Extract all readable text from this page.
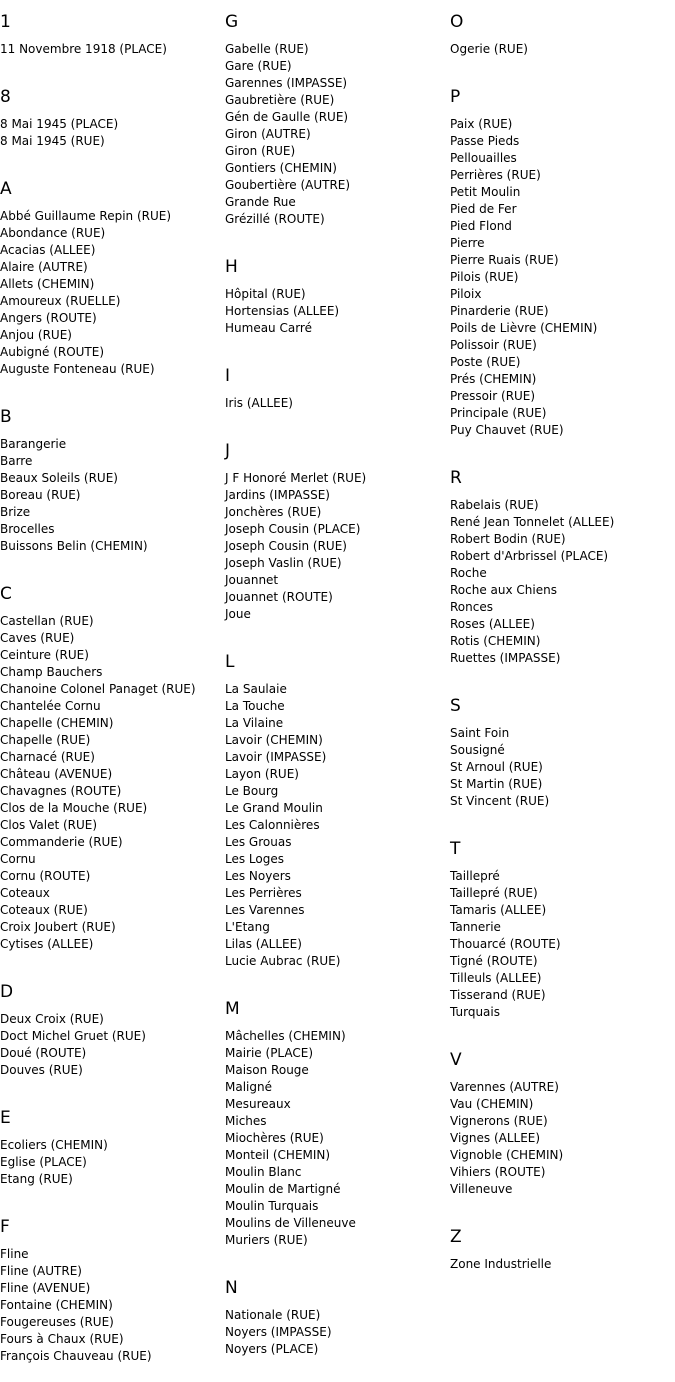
1
11 Novembre 1918 (PLACE)
8
8 Mai 1945 (PLACE)
8 Mai 1945 (RUE)
A
Abbé Guillaume Repin (RUE)
Abondance (RUE)
Acacias (ALLEE)
Alaire (AUTRE)
Allets (CHEMIN)
Amoureux (RUELLE)
Angers (ROUTE)
Anjou (RUE)
Aubigné (ROUTE)
Auguste Fonteneau (RUE)
B
Barangerie
Barre
Beaux Soleils (RUE)
Boreau (RUE)
Brize
Brocelles
Buissons Belin (CHEMIN)
C
Castellan (RUE)
Caves (RUE)
Ceinture (RUE)
Champ Bauchers
Chanoine Colonel Panaget (RUE)
Chantelée Cornu
Chapelle (CHEMIN)
Chapelle (RUE)
Charnacé (RUE)
Château (AVENUE)
Chavagnes (ROUTE)
Clos de la Mouche (RUE)
Clos Valet (RUE)
Commanderie (RUE)
Cornu
Cornu (ROUTE)
Coteaux
Coteaux (RUE)
Croix Joubert (RUE)
Cytises (ALLEE)
D
Deux Croix (RUE)
Doct Michel Gruet (RUE)
Doué (ROUTE)
Douves (RUE)
E
Ecoliers (CHEMIN)
Eglise (PLACE)
Etang (RUE)
F
Fline
Fline (AUTRE)
Fline (AVENUE)
Fontaine (CHEMIN)
Fougereuses (RUE)
Fours à Chaux (RUE)
François Chauveau (RUE)
G
Gabelle (RUE)
Gare (RUE)
Garennes (IMPASSE)
Gaubretière (RUE)
Gén de Gaulle (RUE)
Giron (AUTRE)
Giron (RUE)
Gontiers (CHEMIN)
Goubertière (AUTRE)
Grande Rue
Grézillé (ROUTE)
H
Hôpital (RUE)
Hortensias (ALLEE)
Humeau Carré
I
Iris (ALLEE)
J
J F Honoré Merlet (RUE)
Jardins (IMPASSE)
Jonchères (RUE)
Joseph Cousin (PLACE)
Joseph Cousin (RUE)
Joseph Vaslin (RUE)
Jouannet
Jouannet (ROUTE)
Joue
L
La Saulaie
La Touche
La Vilaine
Lavoir (CHEMIN)
Lavoir (IMPASSE)
Layon (RUE)
Le Bourg
Le Grand Moulin
Les Calonnières
Les Grouas
Les Loges
Les Noyers
Les Perrières
Les Varennes
L'Etang
Lilas (ALLEE)
Lucie Aubrac (RUE)
M
Mâchelles (CHEMIN)
Mairie (PLACE)
Maison Rouge
Maligné
Mesureaux
Miches
Miochères (RUE)
Monteil (CHEMIN)
Moulin Blanc
Moulin de Martigné
Moulin Turquais
Moulins de Villeneuve
Muriers (RUE)
N
Nationale (RUE)
Noyers (IMPASSE)
Noyers (PLACE)
O
Ogerie (RUE)
P
Paix (RUE)
Passe Pieds
Pellouailles
Perrières (RUE)
Petit Moulin
Pied de Fer
Pied Flond
Pierre
Pierre Ruais (RUE)
Pilois (RUE)
Piloix
Pinarderie (RUE)
Poils de Lièvre (CHEMIN)
Polissoir (RUE)
Poste (RUE)
Prés (CHEMIN)
Pressoir (RUE)
Principale (RUE)
Puy Chauvet (RUE)
R
Rabelais (RUE)
René Jean Tonnelet (ALLEE)
Robert Bodin (RUE)
Robert d'Arbrissel (PLACE)
Roche
Roche aux Chiens
Ronces
Roses (ALLEE)
Rotis (CHEMIN)
Ruettes (IMPASSE)
S
Saint Foin
Sousigné
St Arnoul (RUE)
St Martin (RUE)
St Vincent (RUE)
T
Taillepré
Taillepré (RUE)
Tamaris (ALLEE)
Tannerie
Thouarcé (ROUTE)
Tigné (ROUTE)
Tilleuls (ALLEE)
Tisserand (RUE)
Turquais
V
Varennes (AUTRE)
Vau (CHEMIN)
Vignerons (RUE)
Vignes (ALLEE)
Vignoble (CHEMIN)
Vihiers (ROUTE)
Villeneuve
Z
Zone Industrielle
